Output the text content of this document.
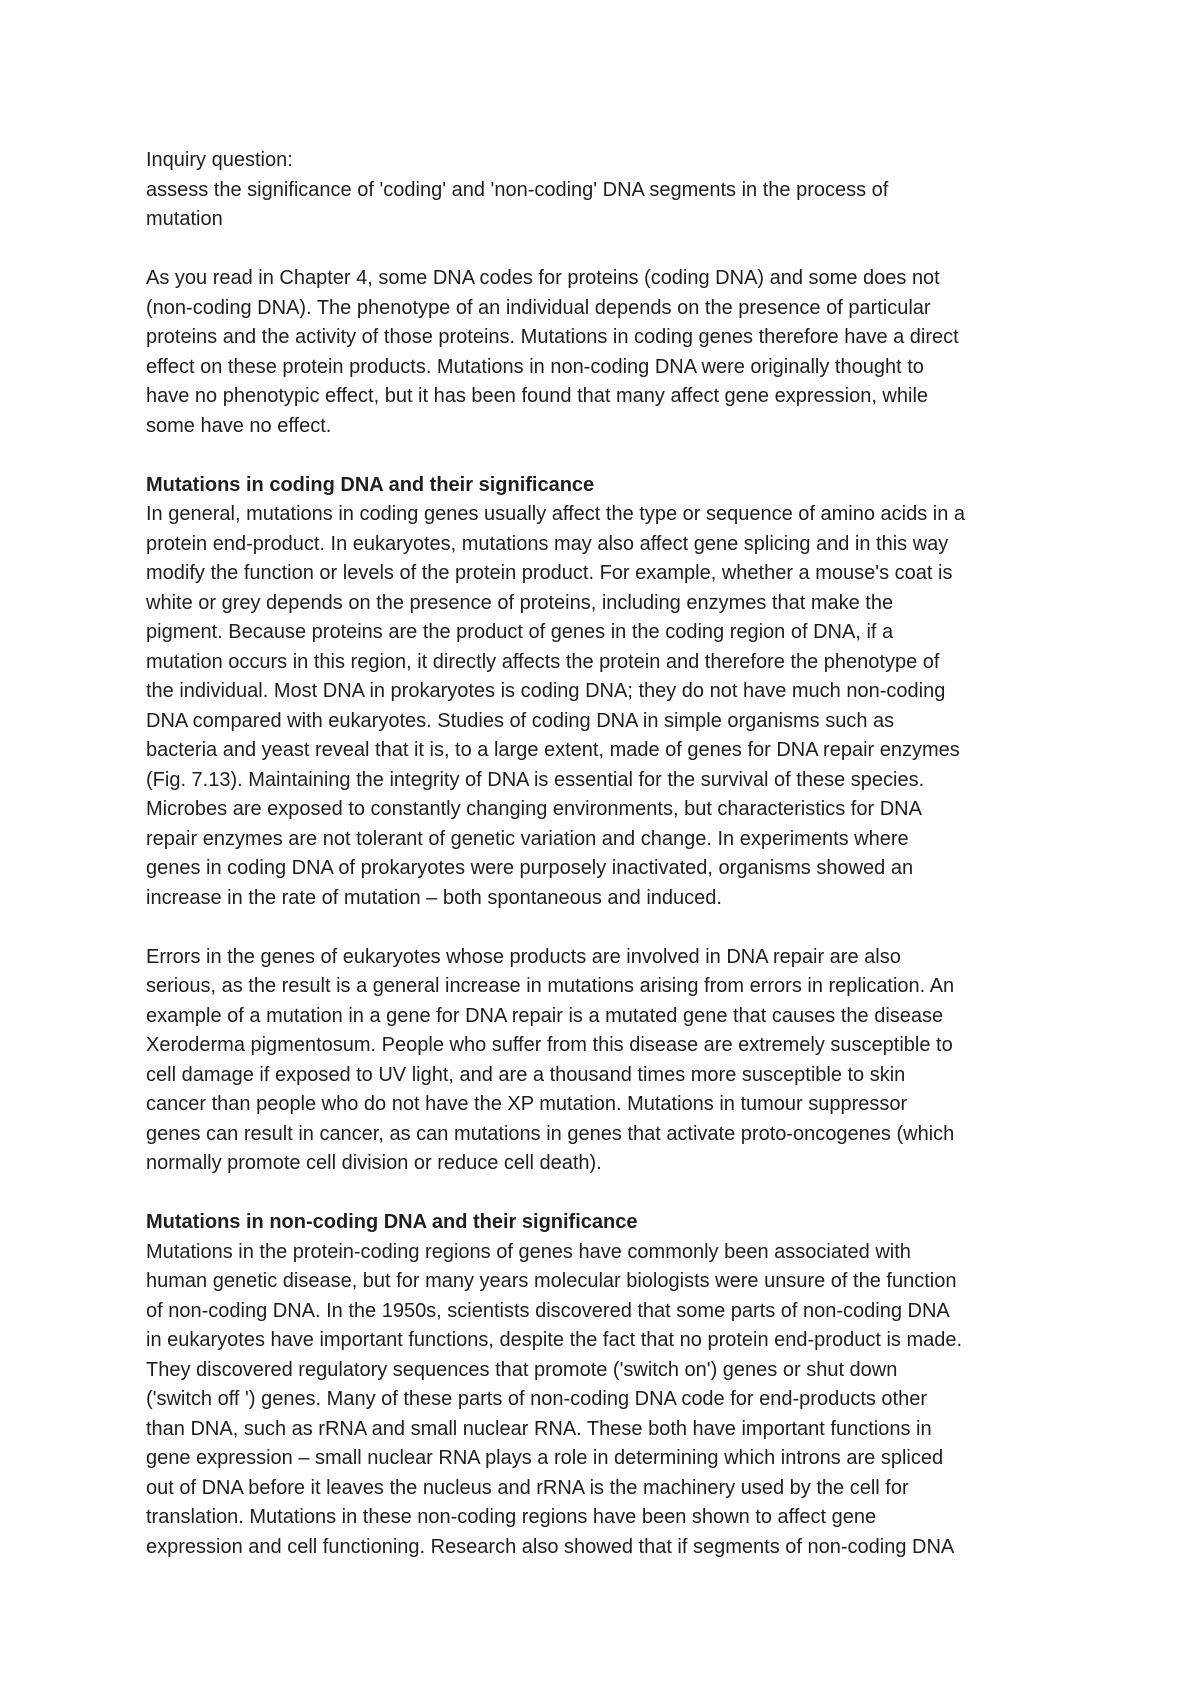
Inquiry question:
assess the significance of 'coding' and 'non-coding' DNA segments in the process of
mutation
As you read in Chapter 4, some DNA codes for proteins (coding DNA) and some does not
(non-coding DNA). The phenotype of an individual depends on the presence of particular
proteins and the activity of those proteins. Mutations in coding genes therefore have a direct
effect on these protein products. Mutations in non-coding DNA were originally thought to
have no phenotypic effect, but it has been found that many affect gene expression, while
some have no effect.
Mutations in coding DNA and their significance
In general, mutations in coding genes usually affect the type or sequence of amino acids in a
protein end-product. In eukaryotes, mutations may also affect gene splicing and in this way
modify the function or levels of the protein product. For example, whether a mouse's coat is
white or grey depends on the presence of proteins, including enzymes that make the
pigment. Because proteins are the product of genes in the coding region of DNA, if a
mutation occurs in this region, it directly affects the protein and therefore the phenotype of
the individual. Most DNA in prokaryotes is coding DNA; they do not have much non-coding
DNA compared with eukaryotes. Studies of coding DNA in simple organisms such as
bacteria and yeast reveal that it is, to a large extent, made of genes for DNA repair enzymes
(Fig. 7.13). Maintaining the integrity of DNA is essential for the survival of these species.
Microbes are exposed to constantly changing environments, but characteristics for DNA
repair enzymes are not tolerant of genetic variation and change. In experiments where
genes in coding DNA of prokaryotes were purposely inactivated, organisms showed an
increase in the rate of mutation – both spontaneous and induced.
Errors in the genes of eukaryotes whose products are involved in DNA repair are also
serious, as the result is a general increase in mutations arising from errors in replication. An
example of a mutation in a gene for DNA repair is a mutated gene that causes the disease
Xeroderma pigmentosum. People who suffer from this disease are extremely susceptible to
cell damage if exposed to UV light, and are a thousand times more susceptible to skin
cancer than people who do not have the XP mutation. Mutations in tumour suppressor
genes can result in cancer, as can mutations in genes that activate proto-oncogenes (which
normally promote cell division or reduce cell death).
Mutations in non-coding DNA and their significance
Mutations in the protein-coding regions of genes have commonly been associated with
human genetic disease, but for many years molecular biologists were unsure of the function
of non-coding DNA. In the 1950s, scientists discovered that some parts of non-coding DNA
in eukaryotes have important functions, despite the fact that no protein end-product is made.
They discovered regulatory sequences that promote ('switch on') genes or shut down
('switch off ') genes. Many of these parts of non-coding DNA code for end-products other
than DNA, such as rRNA and small nuclear RNA. These both have important functions in
gene expression – small nuclear RNA plays a role in determining which introns are spliced
out of DNA before it leaves the nucleus and rRNA is the machinery used by the cell for
translation. Mutations in these non-coding regions have been shown to affect gene
expression and cell functioning. Research also showed that if segments of non-coding DNA
